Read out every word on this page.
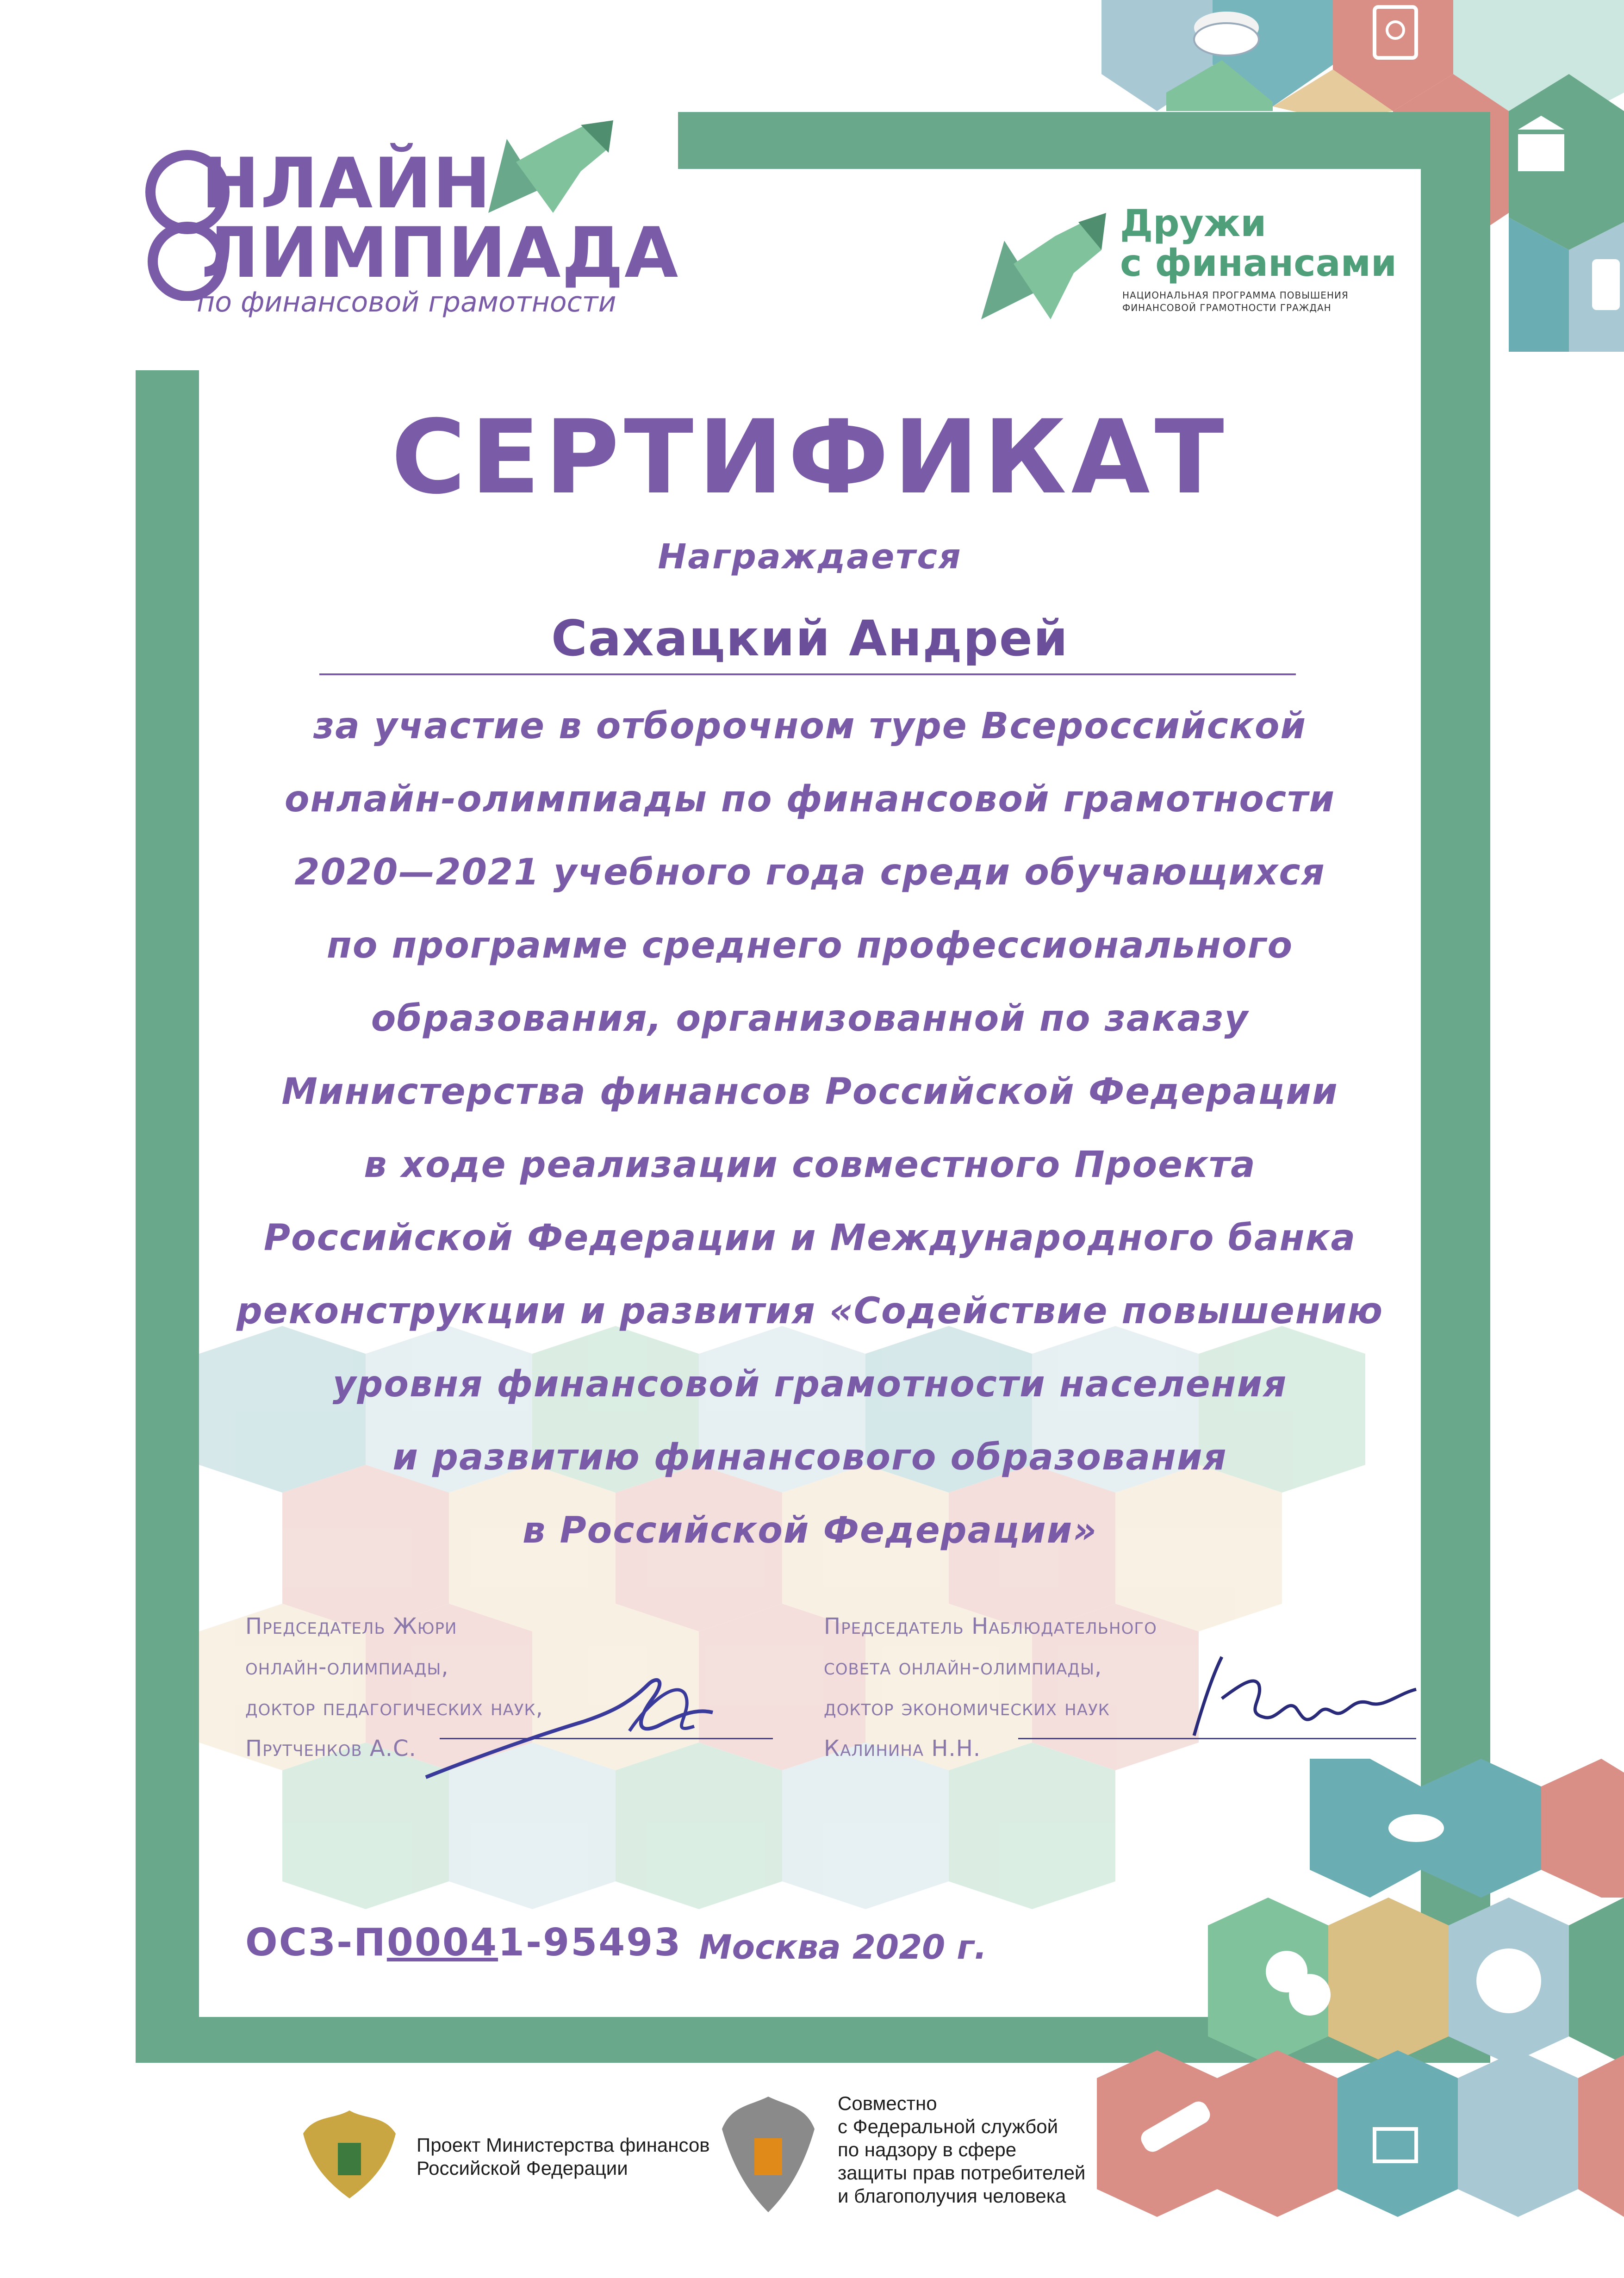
НЛАЙН
ЛИМПИАДА
по финансовой грамотности
Дружи
с финансами
НАЦИОНАЛЬНАЯ ПРОГРАММА ПОВЫШЕНИЯ
ФИНАНСОВОЙ ГРАМОТНОСТИ ГРАЖДАН
СЕРТИФИКАТ
Награждается
Сахацкий Андрей
за участие в отборочном туре Всероссийской
онлайн-олимпиады по финансовой грамотности
2020—2021 учебного года среди обучающихся
по программе среднего профессионального
образования, организованной по заказу
Министерства финансов Российской Федерации
в ходе реализации совместного Проекта
Российской Федерации и Международного банка
реконструкции и развития «Содействие повышению
уровня финансовой грамотности населения
и развитию финансового образования
в Российской Федерации»
Председатель Жюри
онлайн-олимпиады,
доктор педагогических наук,
Прутченков А.С.
Председатель Наблюдательного
совета онлайн-олимпиады,
доктор экономических наук
Калинина Н.Н.
ОСЗ-П00041-95493 Москва 2020 г.
Проект Министерства финансов
Российской Федерации
Совместно
с Федеральной службой
по надзору в сфере
защиты прав потребителей
и благополучия человека
